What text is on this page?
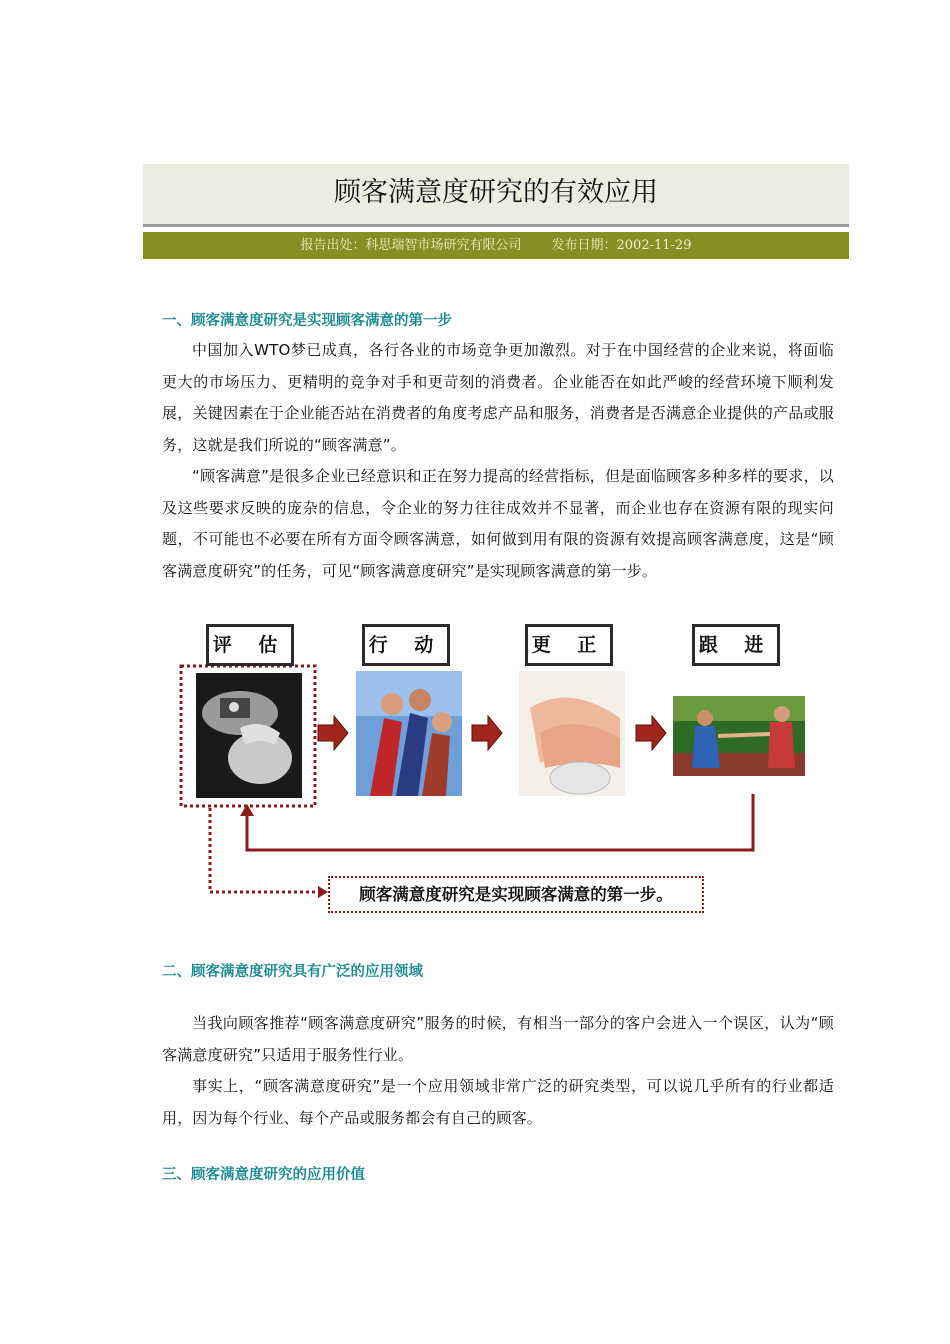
顾客满意度研究的有效应用
报告出处：科思瑞智市场研究有限公司 发布日期：2002-11-29
一、顾客满意度研究是实现顾客满意的第一步

中国加入WTO梦已成真，各行各业的市场竞争更加激烈。对于在中国经营的企业来说，将面临更大的市场压力、更精明的竞争对手和更苛刻的消费者。企业能否在如此严峻的经营环境下顺利发展，关键因素在于企业能否站在消费者的角度考虑产品和服务，消费者是否满意企业提供的产品或服务，这就是我们所说的“顾客满意”。

“顾客满意”是很多企业已经意识和正在努力提高的经营指标，但是面临顾客多种多样的要求，以及这些要求反映的庞杂的信息，令企业的努力往往成效并不显著，而企业也存在资源有限的现实问题，不可能也不必要在所有方面令顾客满意，如何做到用有限的资源有效提高顾客满意度，这是“顾客满意度研究”的任务，可见“顾客满意度研究”是实现顾客满意的第一步。

评 估	行 动	更 正	跟 进
顾客满意度研究是实现顾客满意的第一步。
二、顾客满意度研究具有广泛的应用领域

当我向顾客推荐“顾客满意度研究”服务的时候，有相当一部分的客户会进入一个误区，认为“顾客满意度研究”只适用于服务性行业。

事实上，“顾客满意度研究”是一个应用领域非常广泛的研究类型，可以说几乎所有的行业都适用，因为每个行业、每个产品或服务都会有自己的顾客。

三、顾客满意度研究的应用价值
